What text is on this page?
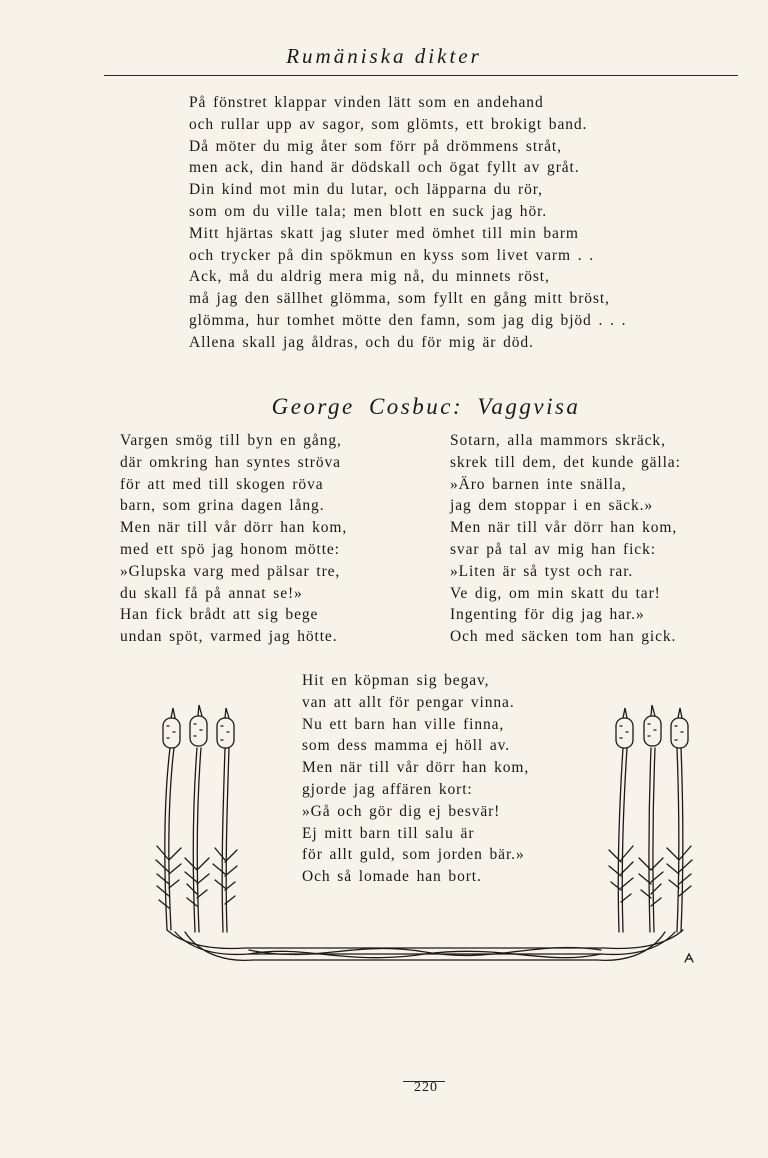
Rumäniska dikter
På fönstret klappar vinden lätt som en andehand
och rullar upp av sagor, som glömts, ett brokigt band.
Då möter du mig åter som förr på drömmens stråt,
men ack, din hand är dödskall och ögat fyllt av gråt.
Din kind mot min du lutar, och läpparna du rör,
som om du ville tala; men blott en suck jag hör.
Mitt hjärtas skatt jag sluter med ömhet till min barm
och trycker på din spökmun en kyss som livet varm . .
Ack, må du aldrig mera mig nå, du minnets röst,
må jag den sällhet glömma, som fyllt en gång mitt bröst,
glömma, hur tomhet mötte den famn, som jag dig bjöd . . .
Allena skall jag åldras, och du för mig är död.
George Cosbuc: Vaggvisa
Vargen smög till byn en gång,
där omkring han syntes ströva
för att med till skogen röva
barn, som grina dagen lång.
Men när till vår dörr han kom,
med ett spö jag honom mötte:
»Glupska varg med pälsar tre,
du skall få på annat se!»
Han fick brådt att sig bege
undan spöt, varmed jag hötte.
Sotarn, alla mammors skräck,
skrek till dem, det kunde gälla:
»Äro barnen inte snälla,
jag dem stoppar i en säck.»
Men när till vår dörr han kom,
svar på tal av mig han fick:
»Liten är så tyst och rar.
Ve dig, om min skatt du tar!
Ingenting för dig jag har.»
Och med säcken tom han gick.
Hit en köpman sig begav,
van att allt för pengar vinna.
Nu ett barn han ville finna,
som dess mamma ej höll av.
Men när till vår dörr han kom,
gjorde jag affären kort:
»Gå och gör dig ej besvär!
Ej mitt barn till salu är
för allt guld, som jorden bär.»
Och så lomade han bort.
220
